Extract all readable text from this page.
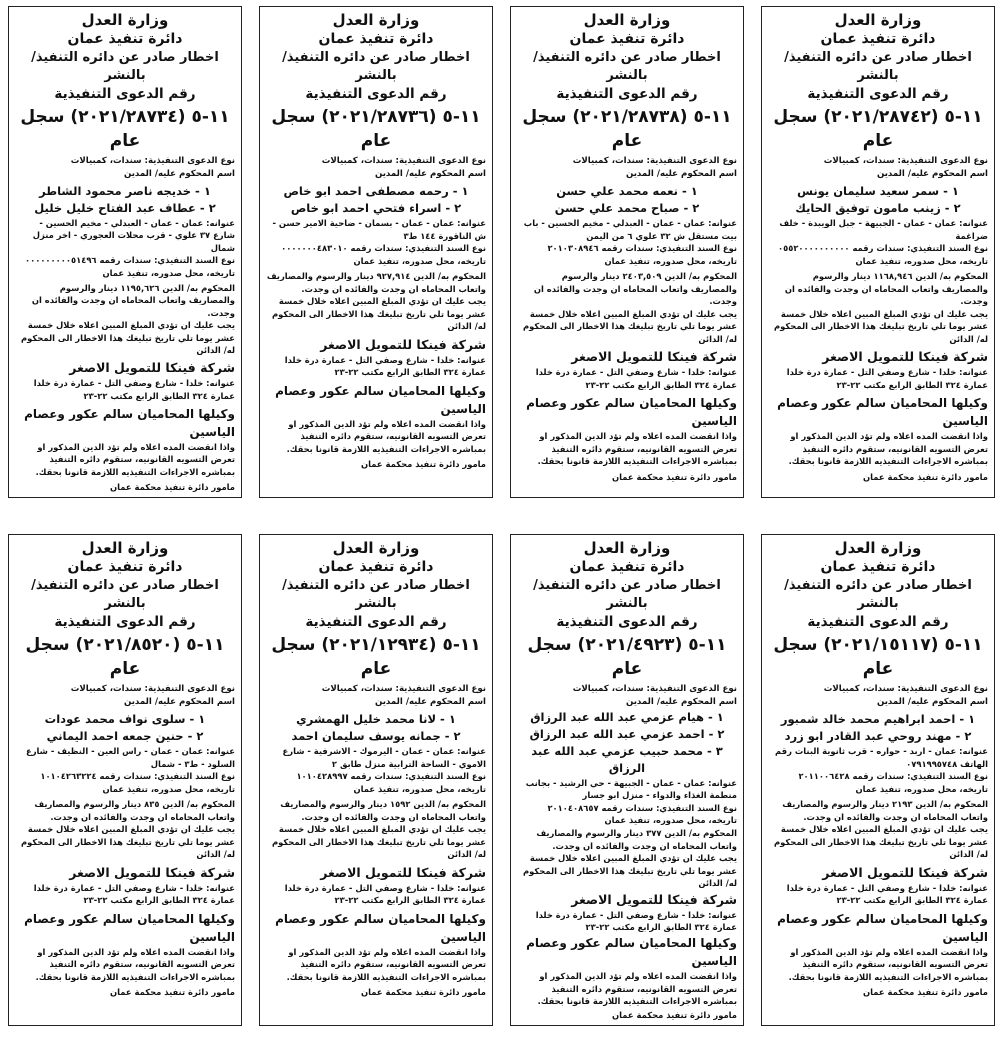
وزارة العدل
دائرة تنفيذ عمان
اخطار صادر عن دائره التنفيذ/ بالنشر
رقم الدعوى التنفيذية
١١-٥ (٢٠٢١/٢٨٧٣٤) سجل عام
نوع الدعوى التنفيذية: سندات، كمبيالات
اسم المحكوم عليه/ المدين
١ - خديجه ناصر محمود الشاطر
٢ - عطاف عبد الفتاح خليل خليل
عنوانه: عمان - عمان - العبدلي - مخيم الحسين - شارع ٣٧ علوي - قرب محلات العجوري - اخر منزل شمال
نوع السند التنفيذي: سندات رقمه ٠٠٠٠٠٠٠٠٠٥١٤٩٦
تاريخه، محل صدوره، تنفيذ عمان
المحكوم به/ الدين ١١٩٥,٦٢٦ دينار والرسوم والمصاريف واتعاب المحاماه ان وجدت والفائده ان وجدت.
يجب عليك ان تؤدي المبلغ المبين اعلاه خلال خمسة عشر يوما تلي تاريخ تبليغك هذا الاخطار الى المحكوم له/ الدائن
شركة فينكا للتمويل الاصغر
عنوانه: خلدا - شارع وصفي التل - عمارة درة خلدا عمارة ٣٢٤ الطابق الرابع مكتب ٢٢-٢٣
وكيلها المحاميان سالم عكور وعصام الياسين
واذا انقضت المده اعلاه ولم تؤد الدين المذكور او تعرض التسويه القانونيه، ستقوم دائره التنفيذ بمباشره الاجراءات التنفيذيه اللازمة قانونا بحقك.
مامور دائرة تنفيذ محكمة عمان
وزارة العدل
دائرة تنفيذ عمان
اخطار صادر عن دائره التنفيذ/ بالنشر
رقم الدعوى التنفيذية
١١-٥ (٢٠٢١/٢٨٧٣٦) سجل عام
نوع الدعوى التنفيذية: سندات، كمبيالات
اسم المحكوم عليه/ المدين
١ - رحمه مصطفى احمد ابو خاص
٢ - اسراء فتحي احمد ابو خاص
عنوانه: عمان - عمان - بسمان - ضاحية الامير حسن - ش الناقورة ١٤٤ ط٣
نوع السند التنفيذي: سندات رقمه ٠٠٠٠٠٠٠٤٨٣٠١٠
تاريخه، محل صدوره، تنفيذ عمان
المحكوم به/ الدين ٩٢٧,٩١٤ دينار والرسوم والمصاريف واتعاب المحاماه ان وجدت والفائده ان وجدت.
يجب عليك ان تؤدي المبلغ المبين اعلاه خلال خمسة عشر يوما تلي تاريخ تبليغك هذا الاخطار الى المحكوم له/ الدائن
شركة فينكا للتمويل الاصغر
عنوانه: خلدا - شارع وصفي التل - عمارة درة خلدا عمارة ٣٢٤ الطابق الرابع مكتب ٢٢-٢٣
وكيلها المحاميان سالم عكور وعصام الياسين
واذا انقضت المده اعلاه ولم تؤد الدين المذكور او تعرض التسويه القانونيه، ستقوم دائره التنفيذ بمباشره الاجراءات التنفيذيه اللازمة قانونا بحقك.
مامور دائرة تنفيذ محكمة عمان
وزارة العدل
دائرة تنفيذ عمان
اخطار صادر عن دائره التنفيذ/ بالنشر
رقم الدعوى التنفيذية
١١-٥ (٢٠٢١/٢٨٧٣٨) سجل عام
نوع الدعوى التنفيذية: سندات، كمبيالات
اسم المحكوم عليه/ المدين
١ - نعمه محمد علي حسن
٢ - صباح محمد علي حسن
عنوانه: عمان - عمان - العبدلي - مخيم الحسين - باب بيت مستقل ش ٣٢ علوي ٦ من اليمن
نوع السند التنفيذي: سندات رقمه ٢٠١٠٣٠٨٩٤٦
تاريخه، محل صدوره، تنفيذ عمان
المحكوم به/ الدين ٢٤٠٣,٥٠٩ دينار والرسوم والمصاريف واتعاب المحاماه ان وجدت والفائده ان وجدت.
يجب عليك ان تؤدي المبلغ المبين اعلاه خلال خمسة عشر يوما تلي تاريخ تبليغك هذا الاخطار الى المحكوم له/ الدائن
شركة فينكا للتمويل الاصغر
عنوانه: خلدا - شارع وصفي التل - عمارة درة خلدا عمارة ٣٢٤ الطابق الرابع مكتب ٢٢-٢٣
وكيلها المحاميان سالم عكور وعصام الياسين
واذا انقضت المده اعلاه ولم تؤد الدين المذكور او تعرض التسويه القانونيه، ستقوم دائره التنفيذ بمباشره الاجراءات التنفيذيه اللازمة قانونا بحقك.
مامور دائرة تنفيذ محكمة عمان
وزارة العدل
دائرة تنفيذ عمان
اخطار صادر عن دائره التنفيذ/ بالنشر
رقم الدعوى التنفيذية
١١-٥ (٢٠٢١/٢٨٧٤٢) سجل عام
نوع الدعوى التنفيذية: سندات، كمبيالات
اسم المحكوم عليه/ المدين
١ - سمر سعيد سليمان يونس
٢ - زينب مامون توفيق الحايك
عنوانه: عمان - عمان - الجبيهة - جبل الويبدة - خلف ضراغمة
نوع السند التنفيذي: سندات رقمه ٠٥٥٢٠٠٠٠٠٠٠٠٠٠
تاريخه، محل صدوره، تنفيذ عمان
المحكوم به/ الدين ١١٦٨,٩٤٦ دينار والرسوم والمصاريف واتعاب المحاماه ان وجدت والفائده ان وجدت.
يجب عليك ان تؤدي المبلغ المبين اعلاه خلال خمسة عشر يوما تلي تاريخ تبليغك هذا الاخطار الى المحكوم له/ الدائن
شركة فينكا للتمويل الاصغر
عنوانه: خلدا - شارع وصفي التل - عمارة درة خلدا عمارة ٣٢٤ الطابق الرابع مكتب ٢٢-٢٣
وكيلها المحاميان سالم عكور وعصام الياسين
واذا انقضت المده اعلاه ولم تؤد الدين المذكور او تعرض التسويه القانونيه، ستقوم دائره التنفيذ بمباشره الاجراءات التنفيذيه اللازمة قانونا بحقك.
مامور دائرة تنفيذ محكمة عمان
وزارة العدل
دائرة تنفيذ عمان
اخطار صادر عن دائره التنفيذ/ بالنشر
رقم الدعوى التنفيذية
١١-٥ (٢٠٢١/٨٥٢٠) سجل عام
نوع الدعوى التنفيذية: سندات، كمبيالات
اسم المحكوم عليه/ المدين
١ - سلوى نواف محمد عودات
٢ - حنين جمعه احمد اليماني
عنوانه: عمان - عمان - راس العين - النظيف - شارع السلود - ط٣ - شمال
نوع السند التنفيذي: سندات رقمه ١٠١٠٤٢٦٣٢٢٤
تاريخه، محل صدوره، تنفيذ عمان
المحكوم به/ الدين ٨٣٥ دينار والرسوم والمصاريف واتعاب المحاماه ان وجدت والفائده ان وجدت.
يجب عليك ان تؤدي المبلغ المبين اعلاه خلال خمسة عشر يوما تلي تاريخ تبليغك هذا الاخطار الى المحكوم له/ الدائن
شركة فينكا للتمويل الاصغر
عنوانه: خلدا - شارع وصفي التل - عمارة درة خلدا عمارة ٣٢٤ الطابق الرابع مكتب ٢٢-٢٣
وكيلها المحاميان سالم عكور وعصام الياسين
واذا انقضت المده اعلاه ولم تؤد الدين المذكور او تعرض التسويه القانونيه، ستقوم دائره التنفيذ بمباشره الاجراءات التنفيذيه اللازمة قانونا بحقك.
مامور دائرة تنفيذ محكمة عمان
وزارة العدل
دائرة تنفيذ عمان
اخطار صادر عن دائره التنفيذ/ بالنشر
رقم الدعوى التنفيذية
١١-٥ (٢٠٢١/١٢٩٣٤) سجل عام
نوع الدعوى التنفيذية: سندات، كمبيالات
اسم المحكوم عليه/ المدين
١ - لانا محمد خليل الهمشري
٢ - جمانه يوسف سليمان احمد
عنوانه: عمان - عمان - اليرموك - الاشرفية - شارع الاموي - الساحة الترابية منزل طابق ٢
نوع السند التنفيذي: سندات رقمه ١٠١٠٤٢٨٩٩٧
تاريخه، محل صدوره، تنفيذ عمان
المحكوم به/ الدين ١٥٩٢ دينار والرسوم والمصاريف واتعاب المحاماه ان وجدت والفائده ان وجدت.
يجب عليك ان تؤدي المبلغ المبين اعلاه خلال خمسة عشر يوما تلي تاريخ تبليغك هذا الاخطار الى المحكوم له/ الدائن
شركة فينكا للتمويل الاصغر
عنوانه: خلدا - شارع وصفي التل - عمارة درة خلدا عمارة ٣٢٤ الطابق الرابع مكتب ٢٢-٢٣
وكيلها المحاميان سالم عكور وعصام الياسين
واذا انقضت المده اعلاه ولم تؤد الدين المذكور او تعرض التسويه القانونيه، ستقوم دائره التنفيذ بمباشره الاجراءات التنفيذيه اللازمة قانونا بحقك.
مامور دائرة تنفيذ محكمة عمان
وزارة العدل
دائرة تنفيذ عمان
اخطار صادر عن دائره التنفيذ/ بالنشر
رقم الدعوى التنفيذية
١١-٥ (٢٠٢١/٤٩٢٣) سجل عام
نوع الدعوى التنفيذية: سندات، كمبيالات
اسم المحكوم عليه/ المدين
١ - هيام عزمي عبد الله عبد الرزاق
٢ - احمد عزمي عبد الله عبد الرزاق
٣ - محمد حبيب عزمي عبد الله عبد الرزاق
عنوانه: عمان - عمان - الجبيهة - حي الرشيد - بجانب منطمة الغذاء والدواء - منزل ابو جسار
نوع السند التنفيذي: سندات رقمه ٢٠١٠٤٠٨٦٥٧
تاريخه، محل صدوره، تنفيذ عمان
المحكوم به/ الدين ٣٧٧ دينار والرسوم والمصاريف واتعاب المحاماه ان وجدت والفائده ان وجدت.
يجب عليك ان تؤدي المبلغ المبين اعلاه خلال خمسة عشر يوما تلي تاريخ تبليغك هذا الاخطار الى المحكوم له/ الدائن
شركة فينكا للتمويل الاصغر
عنوانه: خلدا - شارع وصفي التل - عمارة درة خلدا عمارة ٣٢٤ الطابق الرابع مكتب ٢٢-٢٣
وكيلها المحاميان سالم عكور وعصام الياسين
واذا انقضت المده اعلاه ولم تؤد الدين المذكور او تعرض التسويه القانونيه، ستقوم دائره التنفيذ بمباشره الاجراءات التنفيذيه اللازمة قانونا بحقك.
مامور دائرة تنفيذ محكمة عمان
وزارة العدل
دائرة تنفيذ عمان
اخطار صادر عن دائره التنفيذ/ بالنشر
رقم الدعوى التنفيذية
١١-٥ (٢٠٢١/١٥١١٧) سجل عام
نوع الدعوى التنفيذية: سندات، كمبيالات
اسم المحكوم عليه/ المدين
١ - احمد ابراهيم محمد خالد شمبور
٢ - مهند روحي عبد القادر ابو زرد
عنوانه: عمان - اربد - حواره - قرب ثانوية البنات رقم الهاتف ٠٧٩١٩٩٥٧٤٨
نوع السند التنفيذي: سندات رقمه ٢٠١١٠٠٦٤٢٨
تاريخه، محل صدوره، تنفيذ عمان
المحكوم به/ الدين ٢١٩٣ دينار والرسوم والمصاريف واتعاب المحاماه ان وجدت والفائده ان وجدت.
يجب عليك ان تؤدي المبلغ المبين اعلاه خلال خمسة عشر يوما تلي تاريخ تبليغك هذا الاخطار الى المحكوم له/ الدائن
شركة فينكا للتمويل الاصغر
عنوانه: خلدا - شارع وصفي التل - عمارة درة خلدا عمارة ٣٢٤ الطابق الرابع مكتب ٢٢-٢٣
وكيلها المحاميان سالم عكور وعصام الياسين
واذا انقضت المده اعلاه ولم تؤد الدين المذكور او تعرض التسويه القانونيه، ستقوم دائره التنفيذ بمباشره الاجراءات التنفيذيه اللازمة قانونا بحقك.
مامور دائرة تنفيذ محكمة عمان
